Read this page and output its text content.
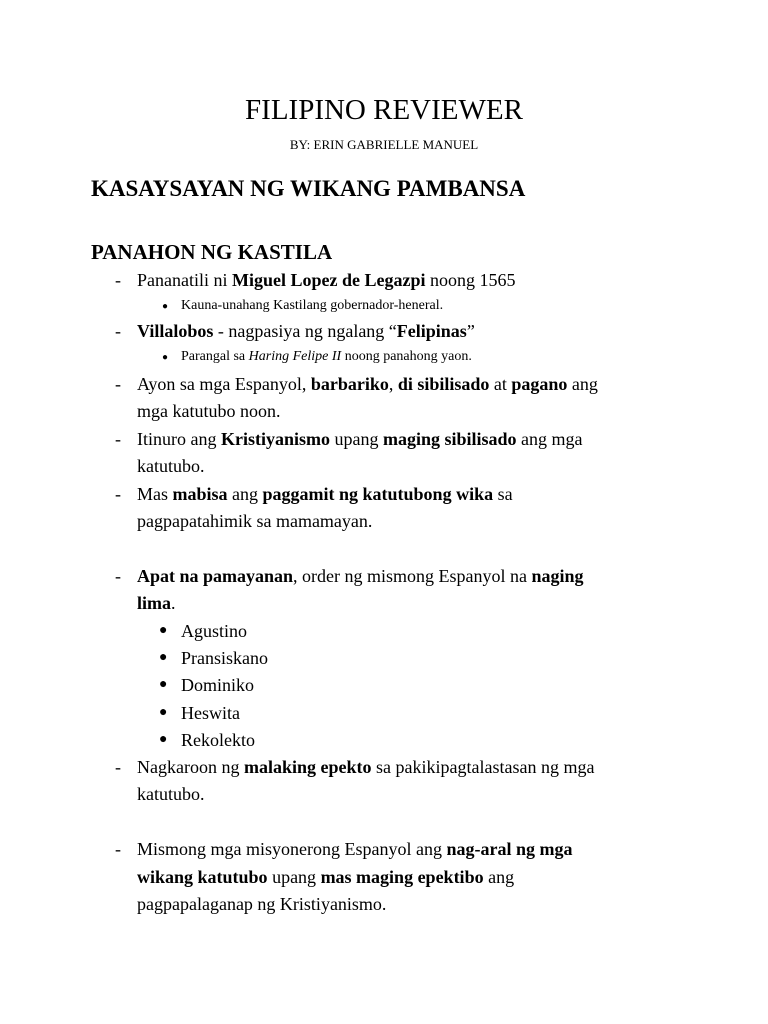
FILIPINO REVIEWER
BY: ERIN GABRIELLE MANUEL
KASAYSAYAN NG WIKANG PAMBANSA
PANAHON NG KASTILA
- Pananatili ni Miguel Lopez de Legazpi noong 1565
● Kauna-unahang Kastilang gobernador-heneral.
- Villalobos - nagpasiya ng ngalang “Felipinas”
● Parangal sa Haring Felipe II noong panahong yaon.
- Ayon sa mga Espanyol, barbariko, di sibilisado at pagano ang
mga katutubo noon.
- Itinuro ang Kristiyanismo upang maging sibilisado ang mga
katutubo.
- Mas mabisa ang paggamit ng katutubong wika sa
pagpapatahimik sa mamamayan.
- Apat na pamayanan, order ng mismong Espanyol na naging
lima.
● Agustino
● Pransiskano
● Dominiko
● Heswita
● Rekolekto
- Nagkaroon ng malaking epekto sa pakikipagtalastasan ng mga
katutubo.
- Mismong mga misyonerong Espanyol ang nag-aral ng mga
wikang katutubo upang mas maging epektibo ang
pagpapalaganap ng Kristiyanismo.
